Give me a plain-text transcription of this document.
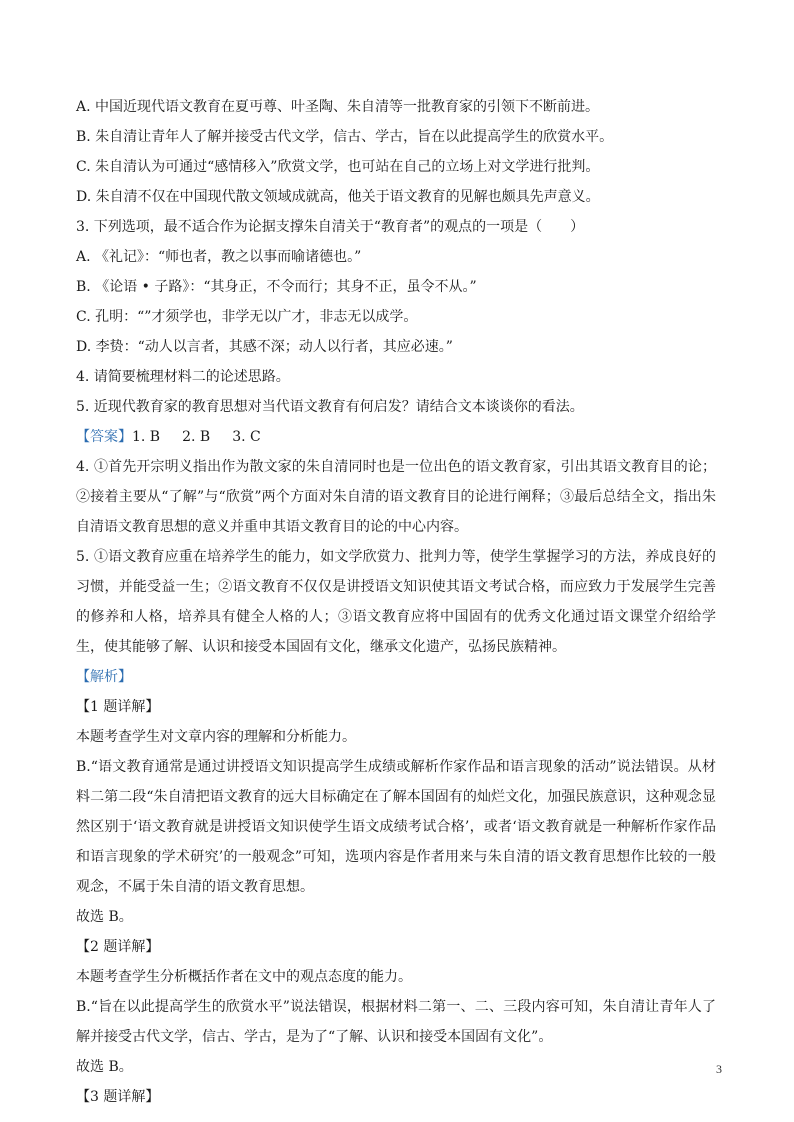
A. 中国近现代语文教育在夏丏尊、叶圣陶、朱自清等一批教育家的引领下不断前进。

B. 朱自清让青年人了解并接受古代文学，信古、学古，旨在以此提高学生的欣赏水平。

C. 朱自清认为可通过“感情移入”欣赏文学，也可站在自己的立场上对文学进行批判。

D. 朱自清不仅在中国现代散文领域成就高，他关于语文教育的见解也颇具先声意义。

3. 下列选项，最不适合作为论据支撑朱自清关于“教育者”的观点的一项是（　　）

A. 《礼记》：“师也者，教之以事而喻诸德也。”

B. 《论语 • 子路》：“其身正，不令而行；其身不正，虽令不从。”

C. 孔明：“”才须学也，非学无以广才，非志无以成学。

D. 李贽：“动人以言者，其感不深；动人以行者，其应必速。”

4. 请简要梳理材料二的论述思路。

5. 近现代教育家的教育思想对当代语文教育有何启发？请结合文本谈谈你的看法。

【答案】1. B 2. B 3. C

4. ①首先开宗明义指出作为散文家的朱自清同时也是一位出色的语文教育家，引出其语文教育目的论；②接着主要从“了解”与“欣赏”两个方面对朱自清的语文教育目的论进行阐释；③最后总结全文，指出朱自清语文教育思想的意义并重申其语文教育目的论的中心内容。

5. ①语文教育应重在培养学生的能力，如文学欣赏力、批判力等，使学生掌握学习的方法，养成良好的习惯，并能受益一生；②语文教育不仅仅是讲授语文知识使其语文考试合格，而应致力于发展学生完善的修养和人格，培养具有健全人格的人；③语文教育应将中国固有的优秀文化通过语文课堂介绍给学生，使其能够了解、认识和接受本国固有文化，继承文化遗产，弘扬民族精神。

【解析】

【1 题详解】

本题考查学生对文章内容的理解和分析能力。

B.“语文教育通常是通过讲授语文知识提高学生成绩或解析作家作品和语言现象的活动”说法错误。从材料二第二段“朱自清把语文教育的远大目标确定在了解本国固有的灿烂文化，加强民族意识，这种观念显然区别于‘语文教育就是讲授语文知识使学生语文成绩考试合格’，或者‘语文教育就是一种解析作家作品和语言现象的学术研究’的一般观念”可知，选项内容是作者用来与朱自清的语文教育思想作比较的一般观念，不属于朱自清的语文教育思想。

故选 B。

【2 题详解】

本题考查学生分析概括作者在文中的观点态度的能力。

B.“旨在以此提高学生的欣赏水平”说法错误，根据材料二第一、二、三段内容可知，朱自清让青年人了解并接受古代文学，信古、学古，是为了“了解、认识和接受本国固有文化”。

故选 B。

【3 题详解】

3
